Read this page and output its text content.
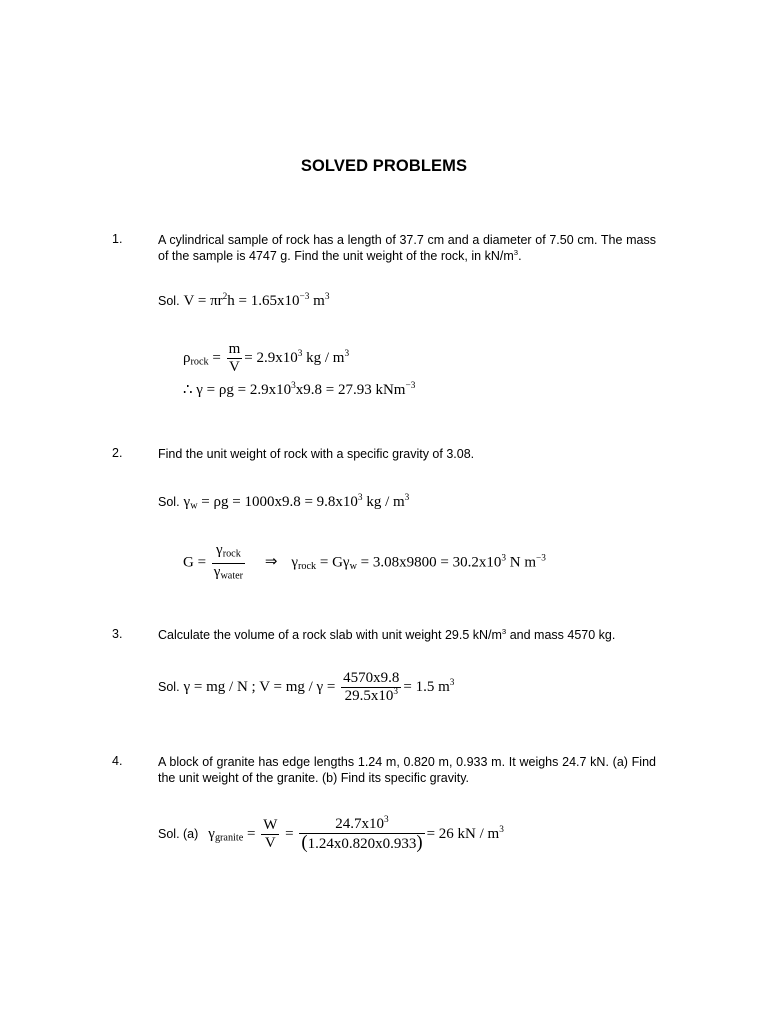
SOLVED PROBLEMS
1.	A cylindrical sample of rock has a length of 37.7 cm and a diameter of 7.50 cm. The mass of the sample is 4747 g. Find the unit weight of the rock, in $kN/m^3$.
Sol. $V = \pi r^2h = 1.65x10^{-3}$ $m^3$
$\rho_{rock} = \frac{m}{V} = 2.9x10^3$ kg / $m^3$
∴ $\gamma = \rho g = 2.9x10^3x9.8 = 27.93$ kNm$^{-3}$
2.	Find the unit weight of rock with a specific gravity of 3.08.
Sol. $\gamma_w = \rho g = 1000x9.8 = 9.8x10^3$ kg / $m^3$
$G = \frac{\gamma_{rock}}{\gamma_{water}}$ ⇒ $\gamma_{rock} = G\gamma_w = 3.08x9800 = 30.2x10^3$ N $m^{-3}$
3.	Calculate the volume of a rock slab with unit weight 29.5 $kN/m^3$ and mass 4570 kg.
Sol. γ = mg / N ; V = mg / $\gamma = \frac{4570x9.8}{29.5x10^3} = 1.5$ $m^3$
4.	A block of granite has edge lengths 1.24 m, 0.820 m, 0.933 m. It weighs 24.7 kN. (a) Find the unit weight of the granite. (b) Find its specific gravity.
Sol. (a) $\gamma_{granite} = \frac{W}{V} = \frac{24.7x10^3}{(1.24x0.820x0.933)} = 26$ kN / $m^3$
